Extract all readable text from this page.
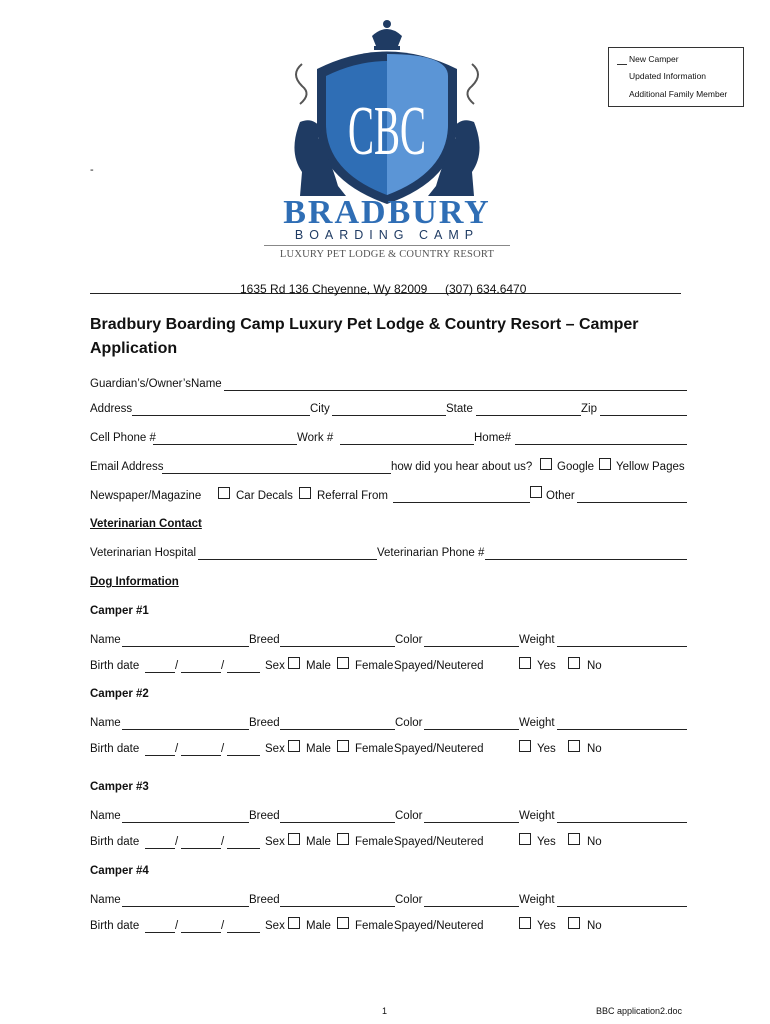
New Camper
Updated Information
Additional Family Member
-	CBC
BRADBURY
BOARDING CAMP
LUXURY PET LODGE & COUNTRY RESORT
1635 Rd 136 Cheyenne, Wy 82009 (307) 634.6470
Bradbury Boarding Camp Luxury Pet Lodge & Country Resort – Camper
Application
Guardian’s/Owner’sName
Address	City	State	Zip
Cell Phone #	Work #	Home#
Email Address	how did you hear about us? Google Yellow Pages
Newspaper/Magazine	Car Decals Referral From	Other
Veterinarian Contact
Veterinarian Hospital	Veterinarian Phone #
Dog Information
Camper #1
Name	Breed	Color	Weight
Birth date	/	/	Sex Male Female Spayed/Neutered	Yes	No
Camper #2
Name	Breed	Color	Weight
Birth date	/	/	Sex Male Female Spayed/Neutered	Yes	No
Camper #3
Name	Breed	Color	Weight
Birth date	/	/	Sex Male Female Spayed/Neutered	Yes	No
Camper #4
Name	Breed	Color	Weight
Birth date	/	/	Sex Male Female Spayed/Neutered	Yes	No
1	BBC application2.doc
